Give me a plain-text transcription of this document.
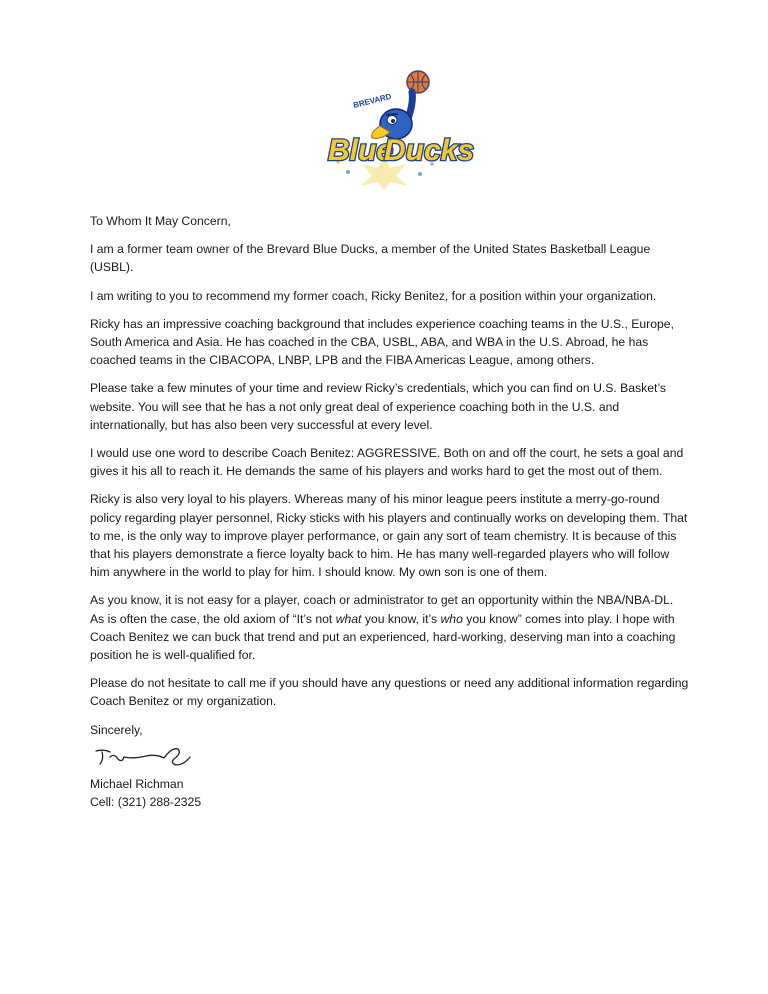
BREVARD
Blue
Ducks

To Whom It May Concern,

I am a former team owner of the Brevard Blue Ducks, a member of the United States Basketball League (USBL).

I am writing to you to recommend my former coach, Ricky Benitez, for a position within your organization.

Ricky has an impressive coaching background that includes experience coaching teams in the U.S., Europe, South America and Asia. He has coached in the CBA, USBL, ABA, and WBA in the U.S. Abroad, he has coached teams in the CIBACOPA, LNBP, LPB and the FIBA Americas League, among others.

Please take a few minutes of your time and review Ricky’s credentials, which you can find on U.S. Basket’s website. You will see that he has a not only great deal of experience coaching both in the U.S. and internationally, but has also been very successful at every level.

I would use one word to describe Coach Benitez: AGGRESSIVE. Both on and off the court, he sets a goal and gives it his all to reach it. He demands the same of his players and works hard to get the most out of them.

Ricky is also very loyal to his players. Whereas many of his minor league peers institute a merry-go-round policy regarding player personnel, Ricky sticks with his players and continually works on developing them. That to me, is the only way to improve player performance, or gain any sort of team chemistry. It is because of this that his players demonstrate a fierce loyalty back to him. He has many well-regarded players who will follow him anywhere in the world to play for him. I should know. My own son is one of them.

As you know, it is not easy for a player, coach or administrator to get an opportunity within the NBA/NBA-DL. As is often the case, the old axiom of “It’s not what you know, it’s who you know” comes into play. I hope with Coach Benitez we can buck that trend and put an experienced, hard-working, deserving man into a coaching position he is well-qualified for.

Please do not hesitate to call me if you should have any questions or need any additional information regarding Coach Benitez or my organization.

Sincerely,

Michael Richman

Cell: (321) 288-2325
